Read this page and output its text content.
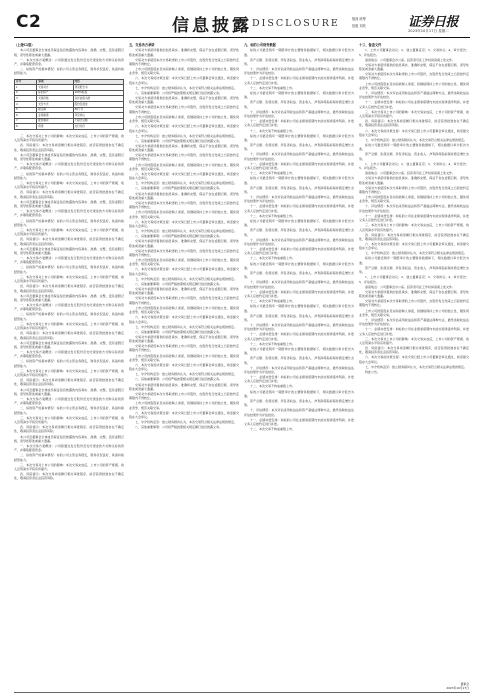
C2	信息披露 DISCLOSURE	版面 统筹
组版 刘欣	证券日报
2023年10月17日 星期二
（上接C1版）

本公司及董事会全体成员保证信息披露的内容真实、准确、完整，没有虚假记载、误导性陈述或重大遗漏。

一、本次交易方案概述：公司拟通过发行股份及支付现金的方式购买标的资产，并募集配套资金。

二、标的资产的基本情况：标的公司主营业务稳定，财务状况良好，具备持续经营能力。

序号	事项	内容
1	交易对方	详见报告书
2	标的资产	100%股权
3	交易价格	以评估值为准
4	支付方式	股份及现金
5	锁定期	36个月
6	业绩承诺	详见协议
7	配套募资	不超过总额
8	用途	支付对价

三、本次交易对上市公司的影响：本次交易完成后，上市公司的资产规模、收入及利润水平将有所提升。

四、风险提示：本次交易尚需履行相关审批程序，能否获得批准存在不确定性，敬请投资者注意投资风险。

本公司及董事会全体成员保证信息披露的内容真实、准确、完整，没有虚假记载、误导性陈述或重大遗漏。

一、本次交易方案概述：公司拟通过发行股份及支付现金的方式购买标的资产，并募集配套资金。

二、标的资产的基本情况：标的公司主营业务稳定，财务状况良好，具备持续经营能力。

三、本次交易对上市公司的影响：本次交易完成后，上市公司的资产规模、收入及利润水平将有所提升。

四、风险提示：本次交易尚需履行相关审批程序，能否获得批准存在不确定性，敬请投资者注意投资风险。

本公司及董事会全体成员保证信息披露的内容真实、准确、完整，没有虚假记载、误导性陈述或重大遗漏。

一、本次交易方案概述：公司拟通过发行股份及支付现金的方式购买标的资产，并募集配套资金。

二、标的资产的基本情况：标的公司主营业务稳定，财务状况良好，具备持续经营能力。

三、本次交易对上市公司的影响：本次交易完成后，上市公司的资产规模、收入及利润水平将有所提升。

四、风险提示：本次交易尚需履行相关审批程序，能否获得批准存在不确定性，敬请投资者注意投资风险。

本公司及董事会全体成员保证信息披露的内容真实、准确、完整，没有虚假记载、误导性陈述或重大遗漏。

一、本次交易方案概述：公司拟通过发行股份及支付现金的方式购买标的资产，并募集配套资金。

二、标的资产的基本情况：标的公司主营业务稳定，财务状况良好，具备持续经营能力。

三、本次交易对上市公司的影响：本次交易完成后，上市公司的资产规模、收入及利润水平将有所提升。

四、风险提示：本次交易尚需履行相关审批程序，能否获得批准存在不确定性，敬请投资者注意投资风险。

本公司及董事会全体成员保证信息披露的内容真实、准确、完整，没有虚假记载、误导性陈述或重大遗漏。

一、本次交易方案概述：公司拟通过发行股份及支付现金的方式购买标的资产，并募集配套资金。

二、标的资产的基本情况：标的公司主营业务稳定，财务状况良好，具备持续经营能力。

三、本次交易对上市公司的影响：本次交易完成后，上市公司的资产规模、收入及利润水平将有所提升。

四、风险提示：本次交易尚需履行相关审批程序，能否获得批准存在不确定性，敬请投资者注意投资风险。

本公司及董事会全体成员保证信息披露的内容真实、准确、完整，没有虚假记载、误导性陈述或重大遗漏。

一、本次交易方案概述：公司拟通过发行股份及支付现金的方式购买标的资产，并募集配套资金。

二、标的资产的基本情况：标的公司主营业务稳定，财务状况良好，具备持续经营能力。

三、本次交易对上市公司的影响：本次交易完成后，上市公司的资产规模、收入及利润水平将有所提升。

四、风险提示：本次交易尚需履行相关审批程序，能否获得批准存在不确定性，敬请投资者注意投资风险。

本公司及董事会全体成员保证信息披露的内容真实、准确、完整，没有虚假记载、误导性陈述或重大遗漏。

一、本次交易方案概述：公司拟通过发行股份及支付现金的方式购买标的资产，并募集配套资金。

二、标的资产的基本情况：标的公司主营业务稳定，财务状况良好，具备持续经营能力。

三、本次交易对上市公司的影响：本次交易完成后，上市公司的资产规模、收入及利润水平将有所提升。

四、风险提示：本次交易尚需履行相关审批程序，能否获得批准存在不确定性，敬请投资者注意投资风险。

本公司及董事会全体成员保证信息披露的内容真实、准确、完整，没有虚假记载、误导性陈述或重大遗漏。

一、本次交易方案概述：公司拟通过发行股份及支付现金的方式购买标的资产，并募集配套资金。

二、标的资产的基本情况：标的公司主营业务稳定，财务状况良好，具备持续经营能力。

三、本次交易对上市公司的影响：本次交易完成后，上市公司的资产规模、收入及利润水平将有所提升。

四、风险提示：本次交易尚需履行相关审批程序，能否获得批准存在不确定性，敬请投资者注意投资风险。

五、交易各方承诺

交易对方承诺所提供的信息真实、准确和完整，保证不存在虚假记载、误导性陈述或者重大遗漏。

交易对方承诺因本次交易取得的上市公司股份，自股份发行结束之日起按约定期限内不得转让。

上市公司控股股东及实际控制人承诺，将继续保持上市公司的独立性，避免同业竞争，规范关联交易。

六、本次交易的决策过程：本次交易已经上市公司董事会审议通过，尚需提交股东大会审议。

七、中介机构意见：独立财务顾问认为，本次交易符合相关法律法规的规定。

八、其他重要事项：公司将严格按照相关规定履行信息披露义务。

交易对方承诺所提供的信息真实、准确和完整，保证不存在虚假记载、误导性陈述或者重大遗漏。

交易对方承诺因本次交易取得的上市公司股份，自股份发行结束之日起按约定期限内不得转让。

上市公司控股股东及实际控制人承诺，将继续保持上市公司的独立性，避免同业竞争，规范关联交易。

六、本次交易的决策过程：本次交易已经上市公司董事会审议通过，尚需提交股东大会审议。

七、中介机构意见：独立财务顾问认为，本次交易符合相关法律法规的规定。

八、其他重要事项：公司将严格按照相关规定履行信息披露义务。

交易对方承诺所提供的信息真实、准确和完整，保证不存在虚假记载、误导性陈述或者重大遗漏。

交易对方承诺因本次交易取得的上市公司股份，自股份发行结束之日起按约定期限内不得转让。

上市公司控股股东及实际控制人承诺，将继续保持上市公司的独立性，避免同业竞争，规范关联交易。

六、本次交易的决策过程：本次交易已经上市公司董事会审议通过，尚需提交股东大会审议。

七、中介机构意见：独立财务顾问认为，本次交易符合相关法律法规的规定。

八、其他重要事项：公司将严格按照相关规定履行信息披露义务。

交易对方承诺所提供的信息真实、准确和完整，保证不存在虚假记载、误导性陈述或者重大遗漏。

交易对方承诺因本次交易取得的上市公司股份，自股份发行结束之日起按约定期限内不得转让。

上市公司控股股东及实际控制人承诺，将继续保持上市公司的独立性，避免同业竞争，规范关联交易。

六、本次交易的决策过程：本次交易已经上市公司董事会审议通过，尚需提交股东大会审议。

七、中介机构意见：独立财务顾问认为，本次交易符合相关法律法规的规定。

八、其他重要事项：公司将严格按照相关规定履行信息披露义务。

交易对方承诺所提供的信息真实、准确和完整，保证不存在虚假记载、误导性陈述或者重大遗漏。

交易对方承诺因本次交易取得的上市公司股份，自股份发行结束之日起按约定期限内不得转让。

上市公司控股股东及实际控制人承诺，将继续保持上市公司的独立性，避免同业竞争，规范关联交易。

六、本次交易的决策过程：本次交易已经上市公司董事会审议通过，尚需提交股东大会审议。

七、中介机构意见：独立财务顾问认为，本次交易符合相关法律法规的规定。

八、其他重要事项：公司将严格按照相关规定履行信息披露义务。

交易对方承诺所提供的信息真实、准确和完整，保证不存在虚假记载、误导性陈述或者重大遗漏。

交易对方承诺因本次交易取得的上市公司股份，自股份发行结束之日起按约定期限内不得转让。

上市公司控股股东及实际控制人承诺，将继续保持上市公司的独立性，避免同业竞争，规范关联交易。

六、本次交易的决策过程：本次交易已经上市公司董事会审议通过，尚需提交股东大会审议。

七、中介机构意见：独立财务顾问认为，本次交易符合相关法律法规的规定。

八、其他重要事项：公司将严格按照相关规定履行信息披露义务。

交易对方承诺所提供的信息真实、准确和完整，保证不存在虚假记载、误导性陈述或者重大遗漏。

交易对方承诺因本次交易取得的上市公司股份，自股份发行结束之日起按约定期限内不得转让。

上市公司控股股东及实际控制人承诺，将继续保持上市公司的独立性，避免同业竞争，规范关联交易。

六、本次交易的决策过程：本次交易已经上市公司董事会审议通过，尚需提交股东大会审议。

七、中介机构意见：独立财务顾问认为，本次交易符合相关法律法规的规定。

八、其他重要事项：公司将严格按照相关规定履行信息披露义务。

交易对方承诺所提供的信息真实、准确和完整，保证不存在虚假记载、误导性陈述或者重大遗漏。

交易对方承诺因本次交易取得的上市公司股份，自股份发行结束之日起按约定期限内不得转让。

上市公司控股股东及实际控制人承诺，将继续保持上市公司的独立性，避免同业竞争，规范关联交易。

六、本次交易的决策过程：本次交易已经上市公司董事会审议通过，尚需提交股东大会审议。

七、中介机构意见：独立财务顾问认为，本次交易符合相关法律法规的规定。

八、其他重要事项：公司将严格按照相关规定履行信息披露义务。

九、标的公司财务数据

标的公司最近两年一期经审计的主要财务数据如下，相关数据以审计报告为准。

资产总额、负债总额、所有者权益、营业收入、净利润等指标保持稳定增长态势。

十、评估情况：本次评估采用收益法和资产基础法两种方法，最终选取收益法评估结果作为评估结论。

十一、业绩补偿安排：如标的公司在业绩承诺期内未能实现承诺净利润，补偿义务人应按约定进行补偿。

十二、本次交易不构成重组上市。

标的公司最近两年一期经审计的主要财务数据如下，相关数据以审计报告为准。

资产总额、负债总额、所有者权益、营业收入、净利润等指标保持稳定增长态势。

十、评估情况：本次评估采用收益法和资产基础法两种方法，最终选取收益法评估结果作为评估结论。

十一、业绩补偿安排：如标的公司在业绩承诺期内未能实现承诺净利润，补偿义务人应按约定进行补偿。

十二、本次交易不构成重组上市。

标的公司最近两年一期经审计的主要财务数据如下，相关数据以审计报告为准。

资产总额、负债总额、所有者权益、营业收入、净利润等指标保持稳定增长态势。

十、评估情况：本次评估采用收益法和资产基础法两种方法，最终选取收益法评估结果作为评估结论。

十一、业绩补偿安排：如标的公司在业绩承诺期内未能实现承诺净利润，补偿义务人应按约定进行补偿。

十二、本次交易不构成重组上市。

标的公司最近两年一期经审计的主要财务数据如下，相关数据以审计报告为准。

资产总额、负债总额、所有者权益、营业收入、净利润等指标保持稳定增长态势。

十、评估情况：本次评估采用收益法和资产基础法两种方法，最终选取收益法评估结果作为评估结论。

十一、业绩补偿安排：如标的公司在业绩承诺期内未能实现承诺净利润，补偿义务人应按约定进行补偿。

十二、本次交易不构成重组上市。

标的公司最近两年一期经审计的主要财务数据如下，相关数据以审计报告为准。

资产总额、负债总额、所有者权益、营业收入、净利润等指标保持稳定增长态势。

十、评估情况：本次评估采用收益法和资产基础法两种方法，最终选取收益法评估结果作为评估结论。

十一、业绩补偿安排：如标的公司在业绩承诺期内未能实现承诺净利润，补偿义务人应按约定进行补偿。

十二、本次交易不构成重组上市。

标的公司最近两年一期经审计的主要财务数据如下，相关数据以审计报告为准。

资产总额、负债总额、所有者权益、营业收入、净利润等指标保持稳定增长态势。

十、评估情况：本次评估采用收益法和资产基础法两种方法，最终选取收益法评估结果作为评估结论。

十一、业绩补偿安排：如标的公司在业绩承诺期内未能实现承诺净利润，补偿义务人应按约定进行补偿。

十二、本次交易不构成重组上市。

标的公司最近两年一期经审计的主要财务数据如下，相关数据以审计报告为准。

资产总额、负债总额、所有者权益、营业收入、净利润等指标保持稳定增长态势。

十、评估情况：本次评估采用收益法和资产基础法两种方法，最终选取收益法评估结果作为评估结论。

十一、业绩补偿安排：如标的公司在业绩承诺期内未能实现承诺净利润，补偿义务人应按约定进行补偿。

十二、本次交易不构成重组上市。

标的公司最近两年一期经审计的主要财务数据如下，相关数据以审计报告为准。

资产总额、负债总额、所有者权益、营业收入、净利润等指标保持稳定增长态势。

十、评估情况：本次评估采用收益法和资产基础法两种方法，最终选取收益法评估结果作为评估结论。

十一、业绩补偿安排：如标的公司在业绩承诺期内未能实现承诺净利润，补偿义务人应按约定进行补偿。

十二、本次交易不构成重组上市。

标的公司最近两年一期经审计的主要财务数据如下，相关数据以审计报告为准。

资产总额、负债总额、所有者权益、营业收入、净利润等指标保持稳定增长态势。

十、评估情况：本次评估采用收益法和资产基础法两种方法，最终选取收益法评估结果作为评估结论。

十一、业绩补偿安排：如标的公司在业绩承诺期内未能实现承诺净利润，补偿义务人应按约定进行补偿。

十二、本次交易不构成重组上市。

十三、备查文件

1、上市公司董事会决议；2、独立董事意见；3、交易协议；4、审计报告；5、评估报告。

备查地点：公司董事会办公室。投资者可在工作时间查阅上述文件。

交易对方承诺所提供的信息真实、准确和完整，保证不存在虚假记载、误导性陈述或者重大遗漏。

交易对方承诺因本次交易取得的上市公司股份，自股份发行结束之日起按约定期限内不得转让。

上市公司控股股东及实际控制人承诺，将继续保持上市公司的独立性，避免同业竞争，规范关联交易。

十、评估情况：本次评估采用收益法和资产基础法两种方法，最终选取收益法评估结果作为评估结论。

十一、业绩补偿安排：如标的公司在业绩承诺期内未能实现承诺净利润，补偿义务人应按约定进行补偿。

三、本次交易对上市公司的影响：本次交易完成后，上市公司的资产规模、收入及利润水平将有所提升。

四、风险提示：本次交易尚需履行相关审批程序，能否获得批准存在不确定性，敬请投资者注意投资风险。

六、本次交易的决策过程：本次交易已经上市公司董事会审议通过，尚需提交股东大会审议。

七、中介机构意见：独立财务顾问认为，本次交易符合相关法律法规的规定。

标的公司最近两年一期经审计的主要财务数据如下，相关数据以审计报告为准。

资产总额、负债总额、所有者权益、营业收入、净利润等指标保持稳定增长态势。

1、上市公司董事会决议；2、独立董事意见；3、交易协议；4、审计报告；5、评估报告。

备查地点：公司董事会办公室。投资者可在工作时间查阅上述文件。

交易对方承诺所提供的信息真实、准确和完整，保证不存在虚假记载、误导性陈述或者重大遗漏。

交易对方承诺因本次交易取得的上市公司股份，自股份发行结束之日起按约定期限内不得转让。

上市公司控股股东及实际控制人承诺，将继续保持上市公司的独立性，避免同业竞争，规范关联交易。

十、评估情况：本次评估采用收益法和资产基础法两种方法，最终选取收益法评估结果作为评估结论。

十一、业绩补偿安排：如标的公司在业绩承诺期内未能实现承诺净利润，补偿义务人应按约定进行补偿。

三、本次交易对上市公司的影响：本次交易完成后，上市公司的资产规模、收入及利润水平将有所提升。

四、风险提示：本次交易尚需履行相关审批程序，能否获得批准存在不确定性，敬请投资者注意投资风险。

六、本次交易的决策过程：本次交易已经上市公司董事会审议通过，尚需提交股东大会审议。

七、中介机构意见：独立财务顾问认为，本次交易符合相关法律法规的规定。

标的公司最近两年一期经审计的主要财务数据如下，相关数据以审计报告为准。

资产总额、负债总额、所有者权益、营业收入、净利润等指标保持稳定增长态势。

1、上市公司董事会决议；2、独立董事意见；3、交易协议；4、审计报告；5、评估报告。

备查地点：公司董事会办公室。投资者可在工作时间查阅上述文件。

交易对方承诺所提供的信息真实、准确和完整，保证不存在虚假记载、误导性陈述或者重大遗漏。

交易对方承诺因本次交易取得的上市公司股份，自股份发行结束之日起按约定期限内不得转让。

上市公司控股股东及实际控制人承诺，将继续保持上市公司的独立性，避免同业竞争，规范关联交易。

十、评估情况：本次评估采用收益法和资产基础法两种方法，最终选取收益法评估结果作为评估结论。

十一、业绩补偿安排：如标的公司在业绩承诺期内未能实现承诺净利润，补偿义务人应按约定进行补偿。

三、本次交易对上市公司的影响：本次交易完成后，上市公司的资产规模、收入及利润水平将有所提升。

四、风险提示：本次交易尚需履行相关审批程序，能否获得批准存在不确定性，敬请投资者注意投资风险。

六、本次交易的决策过程：本次交易已经上市公司董事会审议通过，尚需提交股东大会审议。

七、中介机构意见：独立财务顾问认为，本次交易符合相关法律法规的规定。

特此公告。

董事会
2023年10月17日
